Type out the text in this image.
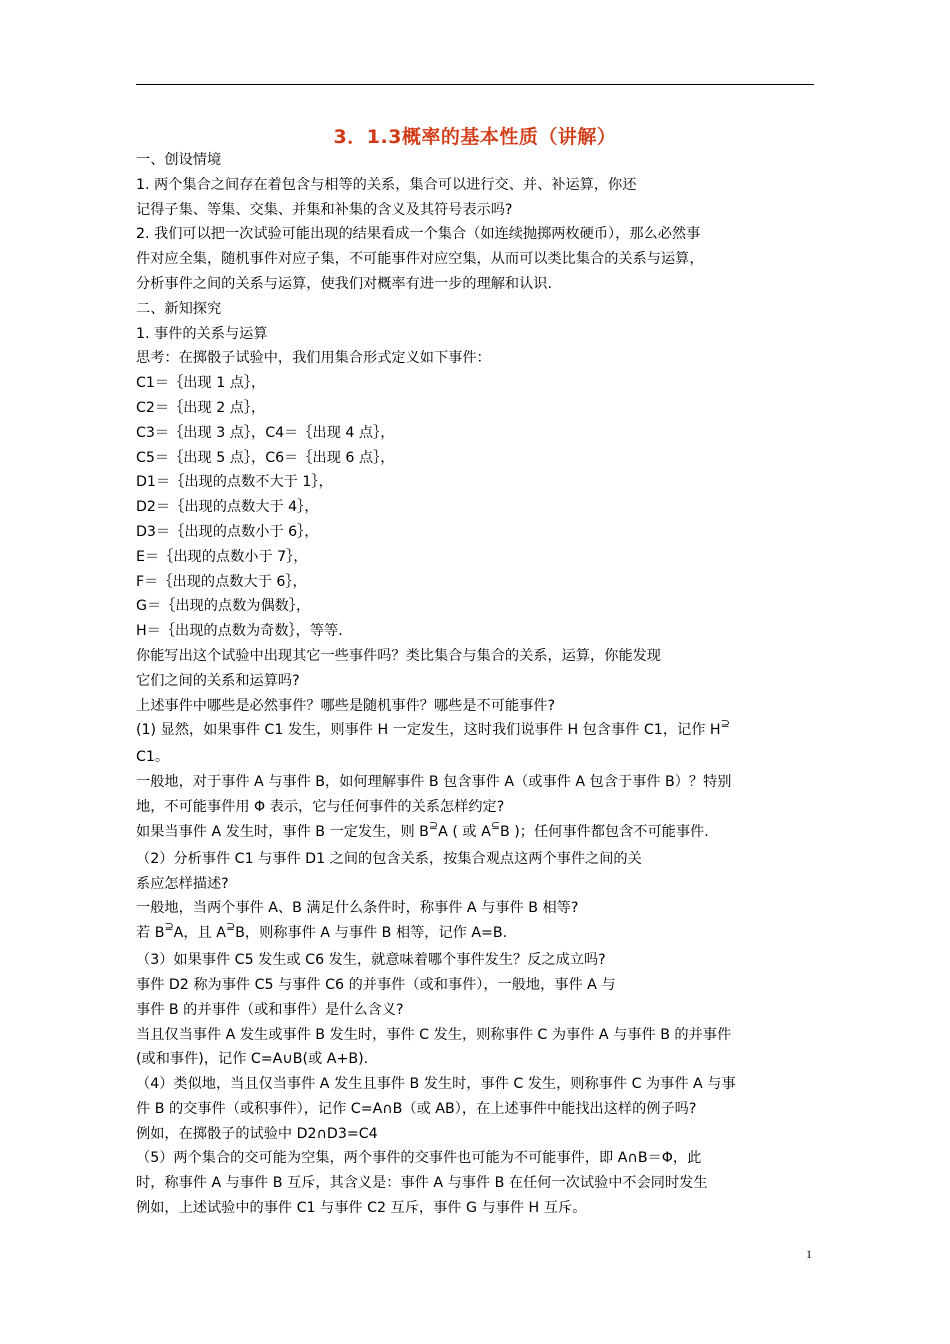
3．1.3概率的基本性质（讲解）
一、创设情境
1. 两个集合之间存在着包含与相等的关系，集合可以进行交、并、补运算，你还
记得子集、等集、交集、并集和补集的含义及其符号表示吗?
2. 我们可以把一次试验可能出现的结果看成一个集合（如连续抛掷两枚硬币），那么必然事
件对应全集，随机事件对应子集，不可能事件对应空集，从而可以类比集合的关系与运算，
分析事件之间的关系与运算，使我们对概率有进一步的理解和认识.
二、新知探究
1. 事件的关系与运算
思考：在掷骰子试验中，我们用集合形式定义如下事件：
C1＝｛出现 1 点｝，
C2＝｛出现 2 点｝，
C3＝｛出现 3 点｝，C4＝｛出现 4 点｝，
C5＝｛出现 5 点｝，C6＝｛出现 6 点｝，
D1＝｛出现的点数不大于 1｝，
D2＝｛出现的点数大于 4｝，
D3＝｛出现的点数小于 6｝，
E＝｛出现的点数小于 7｝，
F＝｛出现的点数大于 6｝，
G＝｛出现的点数为偶数｝，
H＝｛出现的点数为奇数｝，等等.
你能写出这个试验中出现其它一些事件吗？类比集合与集合的关系，运算，你能发现
它们之间的关系和运算吗?
上述事件中哪些是必然事件？哪些是随机事件？哪些是不可能事件?
(1) 显然，如果事件 C1 发生，则事件 H 一定发生，这时我们说事件 H 包含事件 C1，记作 H⊇
C1。
一般地，对于事件 A 与事件 B，如何理解事件 B 包含事件 A（或事件 A 包含于事件 B）？特别
地，不可能事件用 Φ 表示，它与任何事件的关系怎样约定?
如果当事件 A 发生时，事件 B 一定发生，则 B⊇A ( 或 A⊆B )；任何事件都包含不可能事件.
（2）分析事件 C1 与事件 D1 之间的包含关系，按集合观点这两个事件之间的关
系应怎样描述?
一般地，当两个事件 A、B 满足什么条件时，称事件 A 与事件 B 相等?
若 B⊇A，且 A⊇B，则称事件 A 与事件 B 相等，记作 A=B.
（3）如果事件 C5 发生或 C6 发生，就意味着哪个事件发生？反之成立吗?
事件 D2 称为事件 C5 与事件 C6 的并事件（或和事件），一般地，事件 A 与
事件 B 的并事件（或和事件）是什么含义?
当且仅当事件 A 发生或事件 B 发生时，事件 C 发生，则称事件 C 为事件 A 与事件 B 的并事件
(或和事件)，记作 C=A∪B(或 A+B).
（4）类似地，当且仅当事件 A 发生且事件 B 发生时，事件 C 发生，则称事件 C 为事件 A 与事
件 B 的交事件（或积事件），记作 C=A∩B（或 AB），在上述事件中能找出这样的例子吗?
例如，在掷骰子的试验中 D2∩D3=C4
（5）两个集合的交可能为空集，两个事件的交事件也可能为不可能事件，即 A∩B＝Φ，此
时，称事件 A 与事件 B 互斥，其含义是：事件 A 与事件 B 在任何一次试验中不会同时发生
例如，上述试验中的事件 C1 与事件 C2 互斥，事件 G 与事件 H 互斥。
1
